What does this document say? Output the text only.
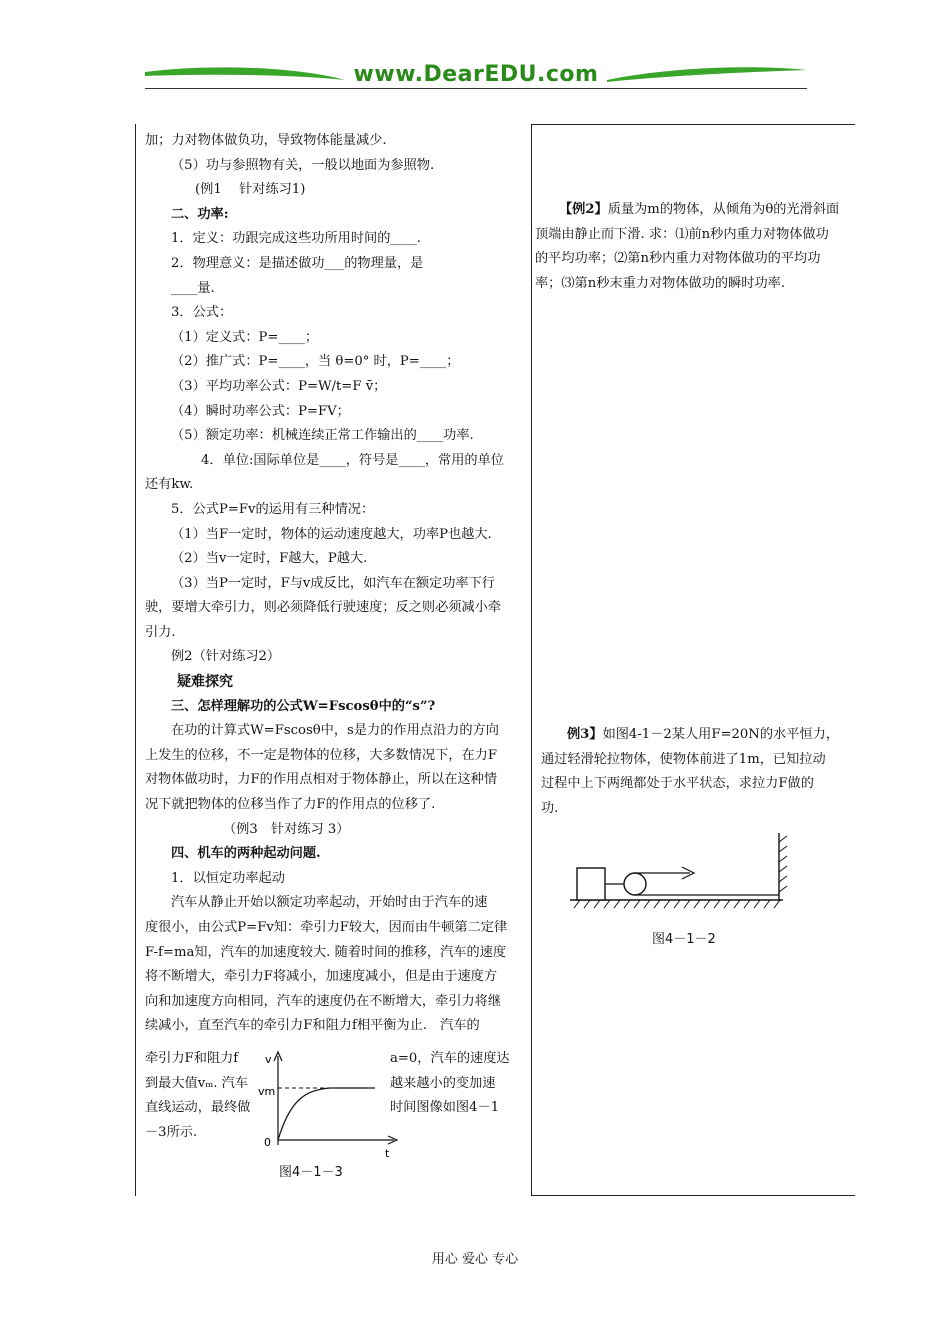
www.DearEDU.com

加；力对物体做负功，导致物体能量减少.

（5）功与参照物有关，一般以地面为参照物.

(例1　 针对练习1)

二、功率:

1．定义：功跟完成这些功所用时间的____.

2．物理意义：是描述做功___的物理量，是

____量.

3．公式：

（1）定义式：P=____；

（2）推广式：P=____，当 θ=0° 时，P=____；

（3）平均功率公式：P=W/t=F v̄；

（4）瞬时功率公式：P=FV；

（5）额定功率：机械连续正常工作输出的____功率.

4．单位:国际单位是____，符号是____，常用的单位

还有kw.

5．公式P=Fv的运用有三种情况：

（1）当F一定时，物体的运动速度越大，功率P也越大.

（2）当v一定时，F越大，P越大.

（3）当P一定时，F与v成反比，如汽车在额定功率下行

驶，要增大牵引力，则必须降低行驶速度；反之则必须减小牵

引力.

例2（针对练习2）

疑难探究

三、怎样理解功的公式W=Fscosθ中的“s”?

在功的计算式W=Fscosθ中，s是力的作用点沿力的方向

上发生的位移，不一定是物体的位移，大多数情况下，在力F

对物体做功时，力F的作用点相对于物体静止，所以在这种情

况下就把物体的位移当作了力F的作用点的位移了.

（例3　针对练习 3）

四、机车的两种起动问题.

1．以恒定功率起动

汽车从静止开始以额定功率起动，开始时由于汽车的速

度很小，由公式P=Fv知：牵引力F较大，因而由牛顿第二定律

F-f=ma知，汽车的加速度较大. 随着时间的推移，汽车的速度

将不断增大，牵引力F将减小，加速度减小，但是由于速度方

向和加速度方向相同，汽车的速度仍在不断增大，牵引力将继

续减小，直至汽车的牵引力F和阻力f相平衡为止.　汽车的

牵引力F和阻力f

到最大值vₘ. 汽车

直线运动，最终做

－3所示.

a=0，汽车的速度达

越来越小的变加速

时间图像如图4－1

v
vm
0
t
图4－1－3

【例2】质量为m的物体，从倾角为θ的光滑斜面

顶端由静止而下滑. 求：⑴前n秒内重力对物体做功

的平均功率；⑵第n秒内重力对物体做功的平均功

率；⑶第n秒末重力对物体做功的瞬时功率.

例3】如图4-1－2某人用F=20N的水平恒力，

通过轻滑轮拉物体，使物体前进了1m，已知拉动

过程中上下两绳都处于水平状态，求拉力F做的

功.

图4－1－2
用心 爱心 专心
